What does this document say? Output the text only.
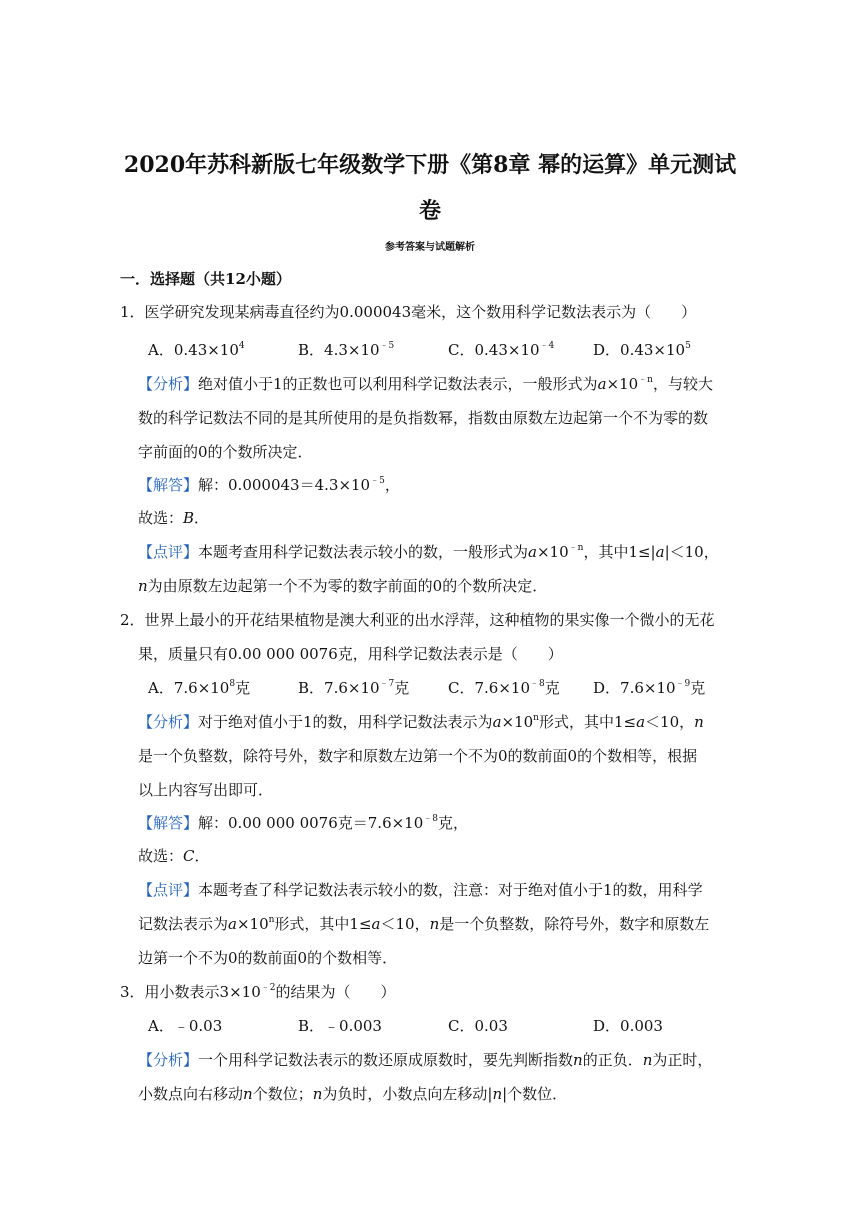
2020年苏科新版七年级数学下册《第8章 幂的运算》单元测试
卷
参考答案与试题解析
一．选择题（共12小题）
1．医学研究发现某病毒直径约为0.000043毫米，这个数用科学记数法表示为（　　）
A．$0.43\times 10^4$	B．$4.3\times 10^{﹣5}$	C．$0.43\times 10^{﹣4}$	D．$0.43\times 10^5$
【分析】绝对值小于1的正数也可以利用科学记数法表示，一般形式为$a\times 10^{﹣n}$，与较大
数的科学记数法不同的是其所使用的是负指数幂，指数由原数左边起第一个不为零的数
字前面的0的个数所决定．
【解答】解：$0.000043=4.3\times 10^{﹣5}$，
故选：B．
【点评】本题考查用科学记数法表示较小的数，一般形式为$a\times 10^{﹣n}$，其中1≤|a|＜10，
n为由原数左边起第一个不为零的数字前面的0的个数所决定．
2．世界上最小的开花结果植物是澳大利亚的出水浮萍，这种植物的果实像一个微小的无花
果，质量只有0.00 000 0076克，用科学记数法表示是（　　）
A．$7.6\times 10^8$克	B．$7.6\times 10^{﹣7}$克	C．$7.6\times 10^{﹣8}$克 D．$7.6\times 10^{﹣9}$克
【分析】对于绝对值小于1的数，用科学记数法表示为$a\times 10^n$形式，其中1≤a＜10，n
是一个负整数，除符号外，数字和原数左边第一个不为0的数前面0的个数相等，根据
以上内容写出即可．
【解答】解：0.00 000 0076克$=7.6\times 10^{﹣8}$克，
故选：C．
【点评】本题考查了科学记数法表示较小的数，注意：对于绝对值小于1的数，用科学
记数法表示为$a\times 10^n$形式，其中1≤a＜10，n是一个负整数，除符号外，数字和原数左
边第一个不为0的数前面0的个数相等．
3．用小数表示$3\times 10^{﹣2}$的结果为（　　）
A．﹣0.03	B．﹣0.003	C．0.03	D．0.003
【分析】一个用科学记数法表示的数还原成原数时，要先判断指数n的正负．n为正时，
小数点向右移动n个数位；n为负时，小数点向左移动|n|个数位．
